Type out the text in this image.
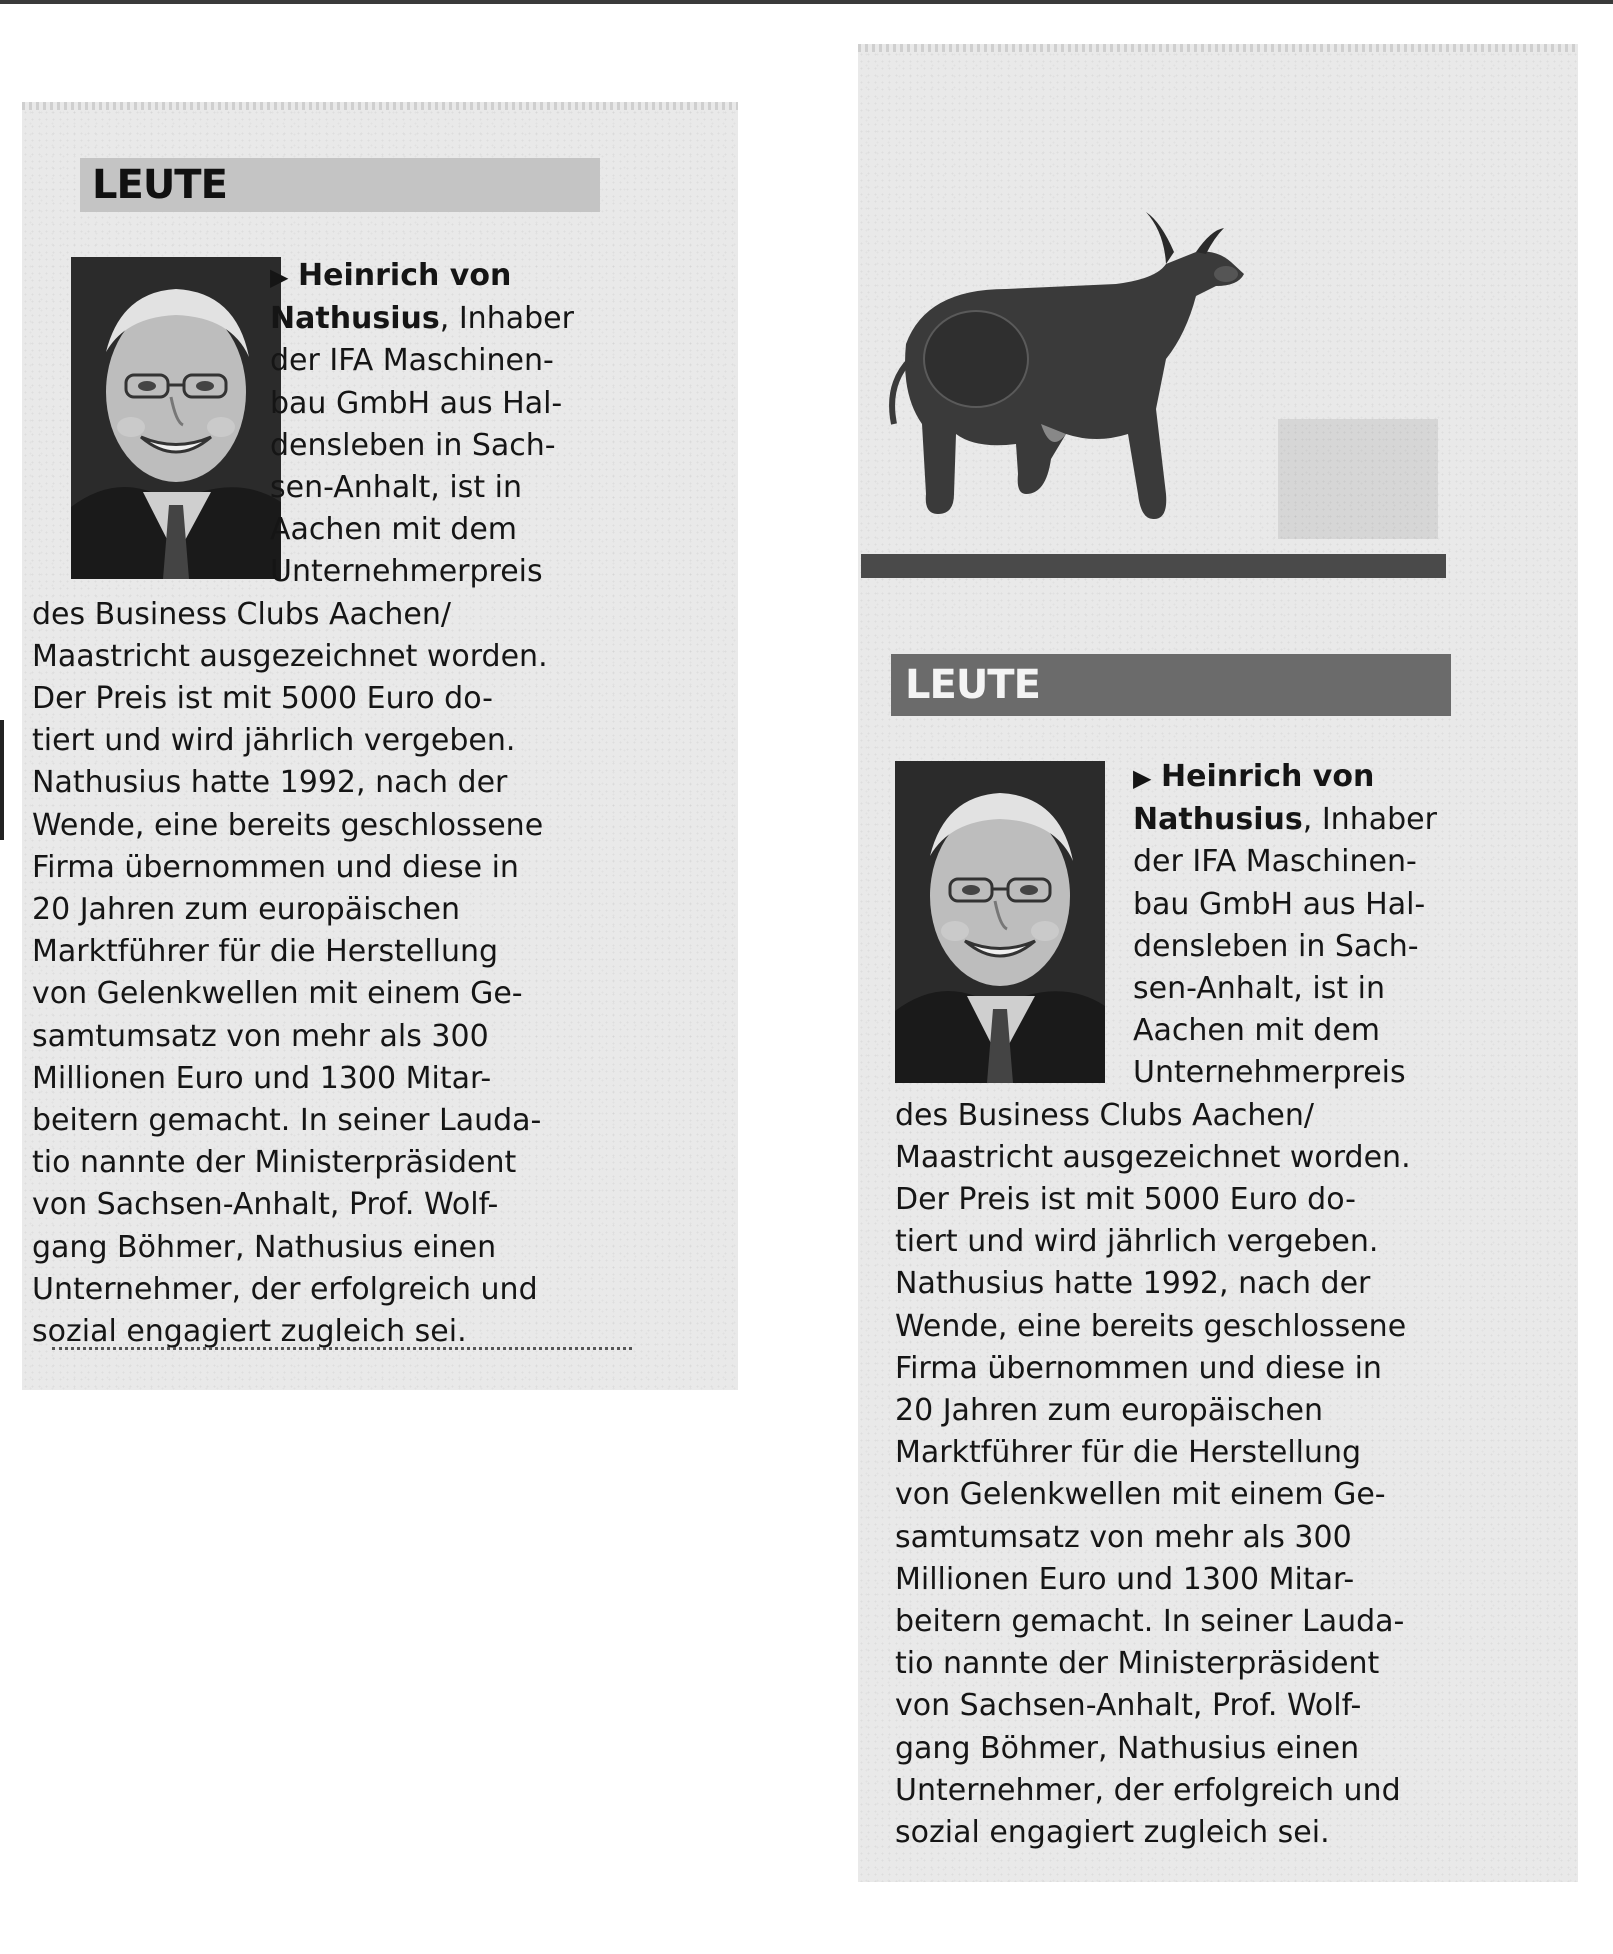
LEUTE

▶ Heinrich von
Nathusius, Inhaber
der IFA Maschinen-
bau GmbH aus Hal-
densleben in Sach-
sen-Anhalt, ist in
Aachen mit dem
Unternehmerpreis
des Business Clubs Aachen/
Maastricht ausgezeichnet worden.
Der Preis ist mit 5000 Euro do-
tiert und wird jährlich vergeben.
Nathusius hatte 1992, nach der
Wende, eine bereits geschlossene
Firma übernommen und diese in
20 Jahren zum europäischen
Marktführer für die Herstellung
von Gelenkwellen mit einem Ge-
samtumsatz von mehr als 300
Millionen Euro und 1300 Mitar-
beitern gemacht. In seiner Lauda-
tio nannte der Ministerpräsident
von Sachsen-Anhalt, Prof. Wolf-
gang Böhmer, Nathusius einen
Unternehmer, der erfolgreich und
sozial engagiert zugleich sei.

LEUTE

▶ Heinrich von
Nathusius, Inhaber
der IFA Maschinen-
bau GmbH aus Hal-
densleben in Sach-
sen-Anhalt, ist in
Aachen mit dem
Unternehmerpreis
des Business Clubs Aachen/
Maastricht ausgezeichnet worden.
Der Preis ist mit 5000 Euro do-
tiert und wird jährlich vergeben.
Nathusius hatte 1992, nach der
Wende, eine bereits geschlossene
Firma übernommen und diese in
20 Jahren zum europäischen
Marktführer für die Herstellung
von Gelenkwellen mit einem Ge-
samtumsatz von mehr als 300
Millionen Euro und 1300 Mitar-
beitern gemacht. In seiner Lauda-
tio nannte der Ministerpräsident
von Sachsen-Anhalt, Prof. Wolf-
gang Böhmer, Nathusius einen
Unternehmer, der erfolgreich und
sozial engagiert zugleich sei.
